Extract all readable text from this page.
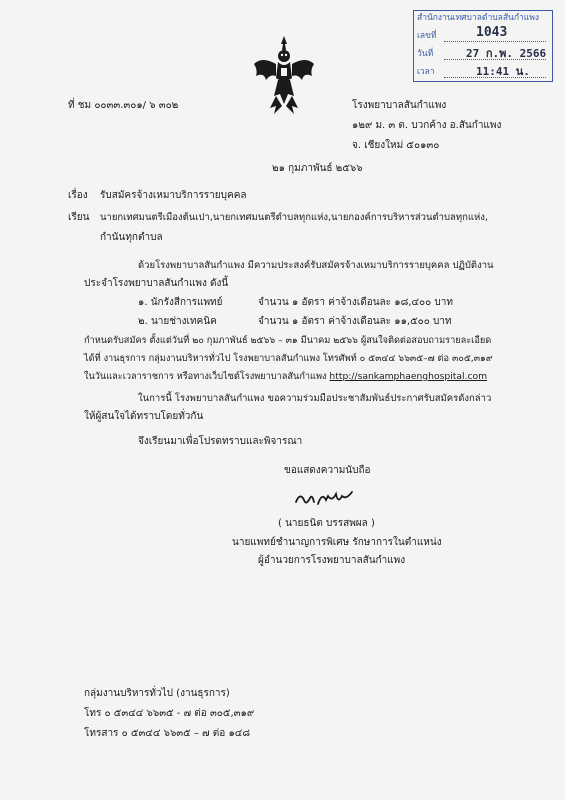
สำนักงานเทศบาลตำบลสันกำแพง
เลขที่	1043
วันที่	27 ก.พ. 2566
เวลา	11:41 น.
ที่ ชม ๐๐๓๓.๓๐๑/ ๖ ๓๐๒	โรงพยาบาลสันกำแพง
๑๒๙ ม. ๓ ต. บวกค้าง อ.สันกำแพง
จ. เชียงใหม่ ๕๐๑๓๐
๒๑ กุมภาพันธ์ ๒๕๖๖
เรื่อง รับสมัครจ้างเหมาบริการรายบุคคล
เรียน นายกเทศมนตรีเมืองต้นเปา,นายกเทศมนตรีตำบลทุกแห่ง,นายกองค์การบริหารส่วนตำบลทุกแห่ง,
กำนันทุกตำบล
ด้วยโรงพยาบาลสันกำแพง มีความประสงค์รับสมัครจ้างเหมาบริการรายบุคคล ปฏิบัติงาน
ประจำโรงพยาบาลสันกำแพง ดังนี้
๑. นักรังสีการแพทย์	จำนวน ๑ อัตรา ค่าจ้างเดือนละ ๑๘,๔๐๐ บาท
๒. นายช่างเทคนิค	จำนวน ๑ อัตรา ค่าจ้างเดือนละ ๑๑,๕๐๐ บาท
กำหนดรับสมัคร ตั้งแต่วันที่ ๒๐ กุมภาพันธ์ ๒๕๖๖ – ๓๑ มีนาคม ๒๕๖๖ ผู้สนใจติดต่อสอบถามรายละเอียด
ได้ที่ งานธุรการ กลุ่มงานบริหารทั่วไป โรงพยาบาลสันกำแพง โทรศัพท์ ๐ ๕๓๔๔ ๖๖๓๕–๗ ต่อ ๓๐๕,๓๑๙
ในวันและเวลาราชการ หรือทางเว็บไซต์โรงพยาบาลสันกำแพง http://sankamphaenghospital.com
ในการนี้ โรงพยาบาลสันกำแพง ขอความร่วมมือประชาสัมพันธ์ประกาศรับสมัครดังกล่าว
ให้ผู้สนใจได้ทราบโดยทั่วกัน
จึงเรียนมาเพื่อโปรดทราบและพิจารณา
ขอแสดงความนับถือ
( นายธนิต บรรสพผล )
นายแพทย์ชำนาญการพิเศษ รักษาการในตำแหน่ง
ผู้อำนวยการโรงพยาบาลสันกำแพง
กลุ่มงานบริหารทั่วไป (งานธุรการ)
โทร ๐ ๕๓๔๔ ๖๖๓๕ - ๗ ต่อ ๓๐๕,๓๑๙
โทรสาร ๐ ๕๓๔๔ ๖๖๓๕ – ๗ ต่อ ๑๔๘
